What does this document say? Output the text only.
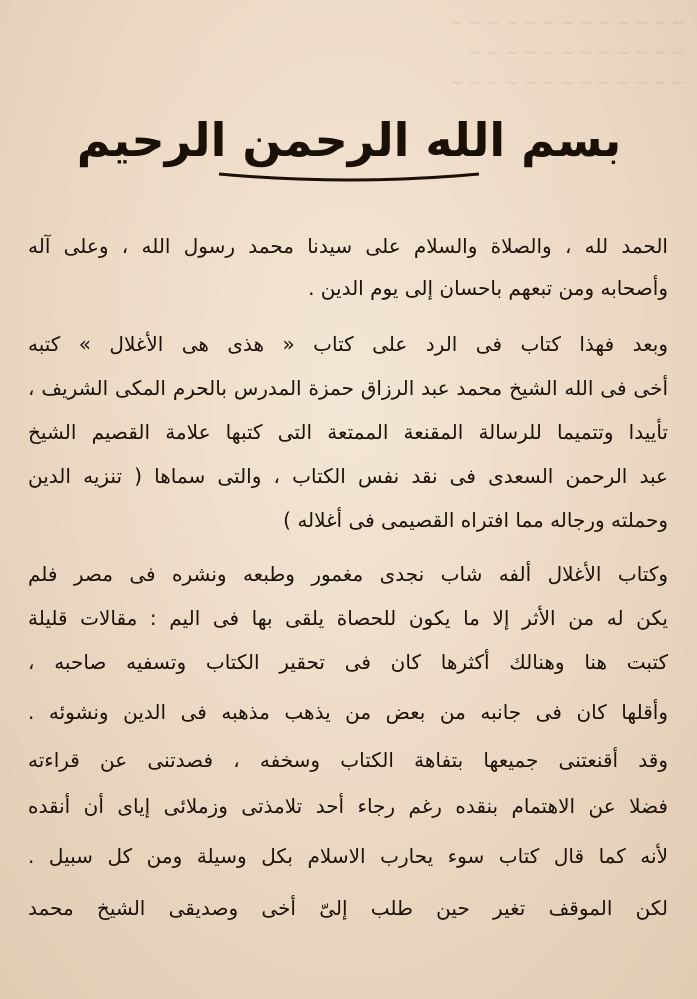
~ ~ ~ ~ ~ ~ ~ ~ ~ ~ ~ ~ ~
~ ~ ~ ~ ~ ~ ~ ~ ~ ~ ~ ~
~ ~ ~ ~ ~ ~ ~ ~ ~ ~ ~ ~ ~
بسم الله الرحمن الرحيم
الحمد لله ، والصلاة والسلام على سيدنا محمد رسول الله ، وعلى آله
وأصحابه ومن تبعهم باحسان إلى يوم الدين .
وبعد فهذا كتاب فى الرد على كتاب « هذى هى الأغلال » كتبه
أخى فى الله الشيخ محمد عبد الرزاق حمزة المدرس بالحرم المكى الشريف ،
تأييدا وتتميما للرسالة المقنعة الممتعة التى كتبها علامة القصيم الشيخ
عبد الرحمن السعدى فى نقد نفس الكتاب ، والتى سماها ( تنزيه الدين
وحملته ورجاله مما افتراه القصيمى فى أغلاله )
وكتاب الأغلال ألفه شاب نجدى مغمور وطبعه ونشره فى مصر فلم
يكن له من الأثر إلا ما يكون للحصاة يلقى بها فى اليم : مقالات قليلة
كتبت هنا وهنالك أكثرها كان فى تحقير الكتاب وتسفيه صاحبه ،
وأقلها كان فى جانبه من بعض من يذهب مذهبه فى الدين ونشوئه .
وقد أقنعتنى جميعها بتفاهة الكتاب وسخفه ، فصدتنى عن قراءته
فضلا عن الاهتمام بنقده رغم رجاء أحد تلامذتى وزملائى إياى أن أنقده
لأنه كما قال كتاب سوء يحارب الاسلام بكل وسيلة ومن كل سبيل .
لكن الموقف تغير حين طلب إلىّ أخى وصديقى الشيخ محمد
